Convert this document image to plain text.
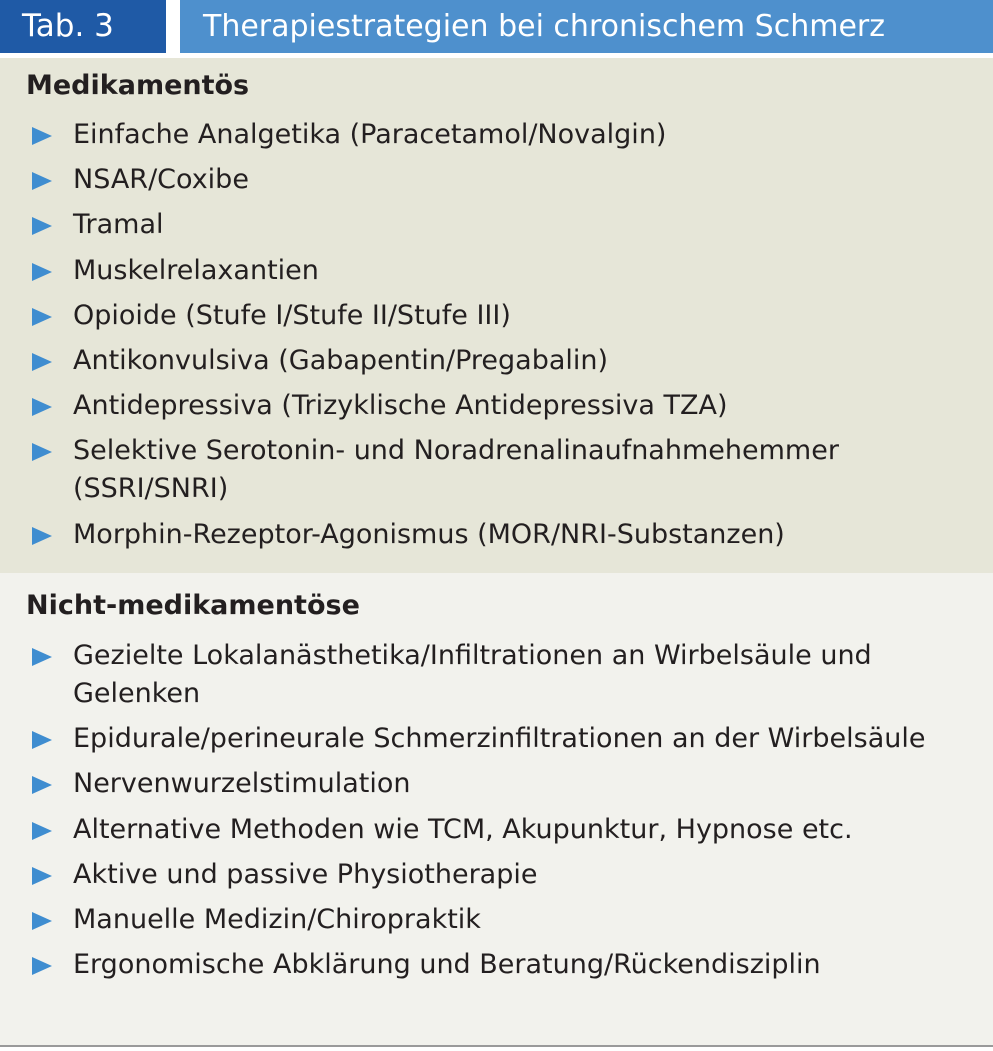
Tab. 3	Therapiestrategien bei chronischem Schmerz
Medikamentös
Einfache Analgetika (Paracetamol/Novalgin)
NSAR/Coxibe
Tramal
Muskelrelaxantien
Opioide (Stufe I/Stufe II/Stufe III)
Antikonvulsiva (Gabapentin/Pregabalin)
Antidepressiva (Trizyklische Antidepressiva TZA)
Selektive Serotonin- und Noradrenalinaufnahmehemmer (SSRI/SNRI)
Morphin-Rezeptor-Agonismus (MOR/NRI-Substanzen)
Nicht-medikamentöse
Gezielte Lokalanästhetika/Infiltrationen an Wirbelsäule und Gelenken
Epidurale/perineurale Schmerzinfiltrationen an der Wirbelsäule
Nervenwurzelstimulation
Alternative Methoden wie TCM, Akupunktur, Hypnose etc.
Aktive und passive Physiotherapie
Manuelle Medizin/Chiropraktik
Ergonomische Abklärung und Beratung/Rückendisziplin
